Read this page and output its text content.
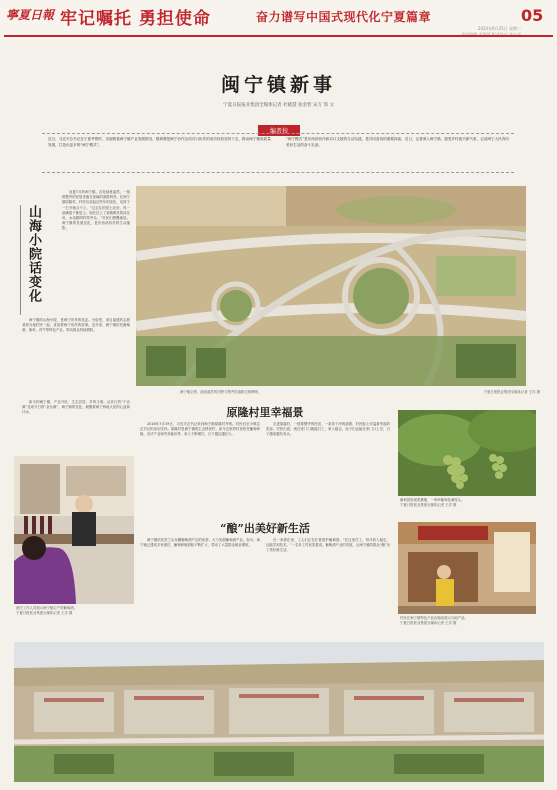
寧夏日報 牢记嘱托 勇担使命	奋力谱写中国式现代化宁夏篇章	05
2024年6月25日 星期二
闽宁镇新事
宁夏日报报业集团全媒体记者 杜晓慧 张金智 宋万 鄂 文
编者按
近日，习近平总书记在宁夏考察时，实地察看闽宁镇产业发展情况，强调要把闽宁协作这项对口协作的成功经验坚持下去，推动闽宁镇高质量发展，打造出更多的“闽宁模式”。
“闽宁模式”是东西部协作和对口支援的生动实践，是共同富裕的重要探索。近日，记者深入闽宁镇，感受乡村振兴新气象，记录闽宁人民奔向美好生活的奋斗足迹。
山海小院话变化

炎夏7月的闽宁镇，各处绿意盎然，一排排整齐的民居坐落在宽阔的道路两旁。在闽宁镇原隆村，村民们说起这些年的变化，话匣子一打开就合不上。“过去住的是土坯房，风一刮满屋子都是土。现在住上了宽敞明亮的砖瓦房，水电路网样样齐全。”村民们感慨地说。闽宁镇的发展变化，是东西部协作的生动缩影。

闽宁镇的山海小院，是闽宁协作的见证。小院里，来自福建的志愿者和当地村民一起，讲述着闽宁协作的故事。近年来，闽宁镇依托葡萄酒、菌草、肉牛等特色产业，带动群众持续增收。

如今的闽宁镇，产业兴旺、生态宜居、乡风文明。从昔日的“干沙滩”变成今日的“金沙滩”，闽宁镇的变化，凝聚着闽宁两地人民的心血和汗水。

酒庄工作人员展示闽宁镇生产的葡萄酒。
宁夏日报报业集团全媒体记者 王洋 摄
闽宁镇全景，绿意盎然的田野与整齐的道路交相辉映。	宁夏日报报业集团全媒体记者 王洋 摄
原隆村里幸福景

2016年7月19日，习近平总书记来到闽宁镇原隆村考察。村民们至今难忘总书记的亲切关怀。原隆村是闽宁镇的生态移民村，如今这里的村民依托葡萄种植、光伏产业和劳务输出等，收入不断增长，日子越过越红火。

走进原隆村，一排排整齐的民居，一条条干净的道路，村民脸上洋溢着幸福的笑容。村民们说，现在家门口就能打工，收入稳定，孩子们也能在家门口上学，日子越来越有奔头。

葡萄园里硕果累累，一串串葡萄挂满枝头。
宁夏日报报业集团全媒体记者 王洋 摄
“酿”出美好新生活

闽宁镇依托贺兰山东麓葡萄酒产区的优势，大力发展葡萄酒产业。如今，闽宁镇已建成多家酒庄，葡萄种植面积不断扩大，带动了大量群众就业增收。

在一家酒庄里，工人们正在忙着管护葡萄园。“在这里打工，每月收入稳定，还能学到技术。”一名务工村民笑着说。葡萄酒产业的发展，让闽宁镇的群众“酿”出了美好新生活。

村民在闽宁镇特色产品店铺前展示当地产品。
宁夏日报报业集团全媒体记者 王洋 摄
